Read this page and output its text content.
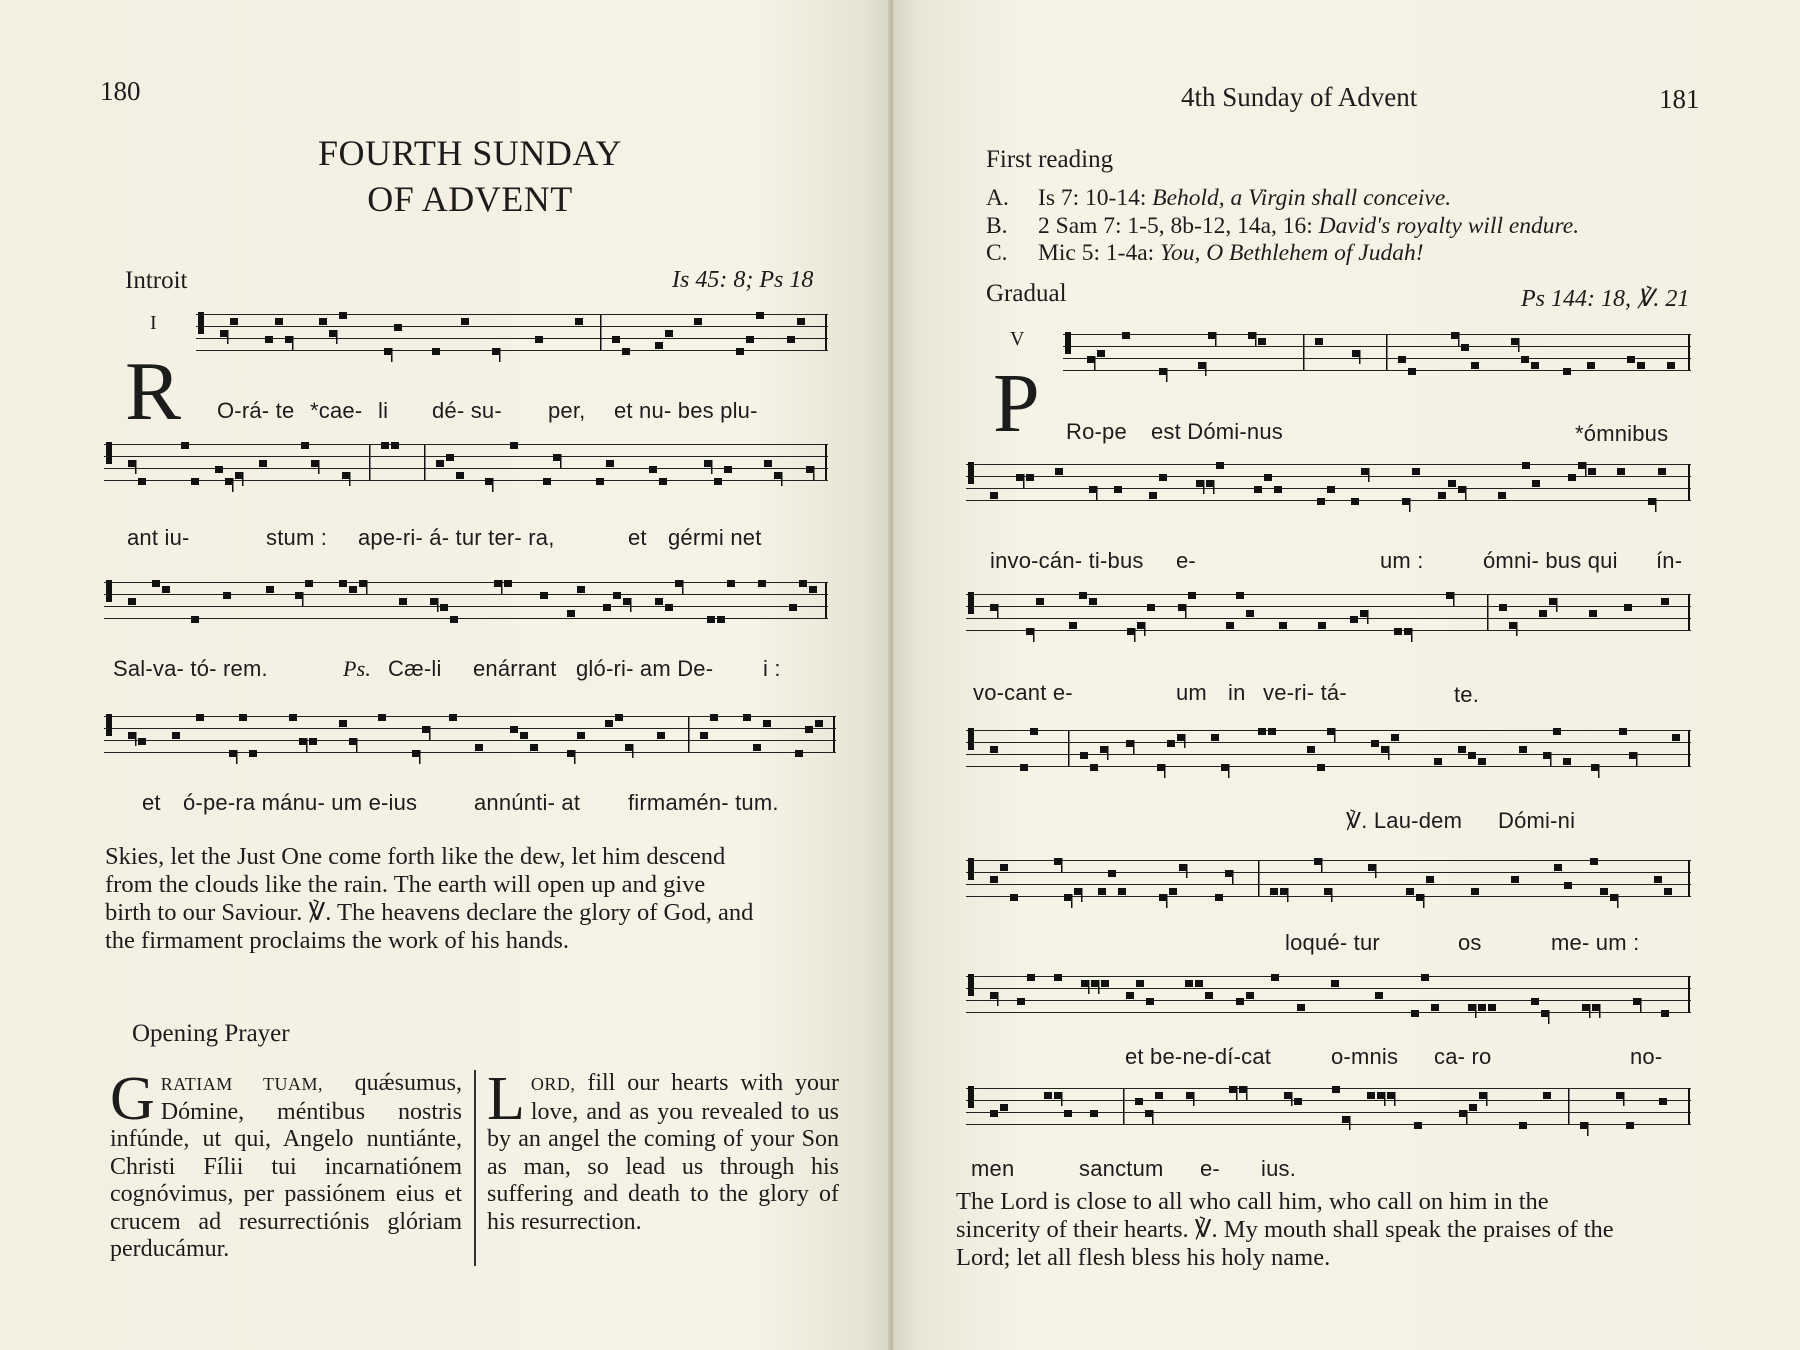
180
FOURTH SUNDAY
OF ADVENT
Introit	Is 45: 8; Ps 18
I
R O-rá- te *cae- li dé- su- per, et nu- bes plu-
ant iu-	stum : ape-ri- á- tur ter- ra,	et gérmi net
Sal-va- tó- rem.	Ps. Cæ-li enárrant gló-ri- am De- i :
et ó-pe-ra mánu- um e-ius	annúnti- at firmamén- tum.
Skies, let the Just One come forth like the dew, let him descend
from the clouds like the rain. The earth will open up and give
birth to our Saviour. ℣. The heavens declare the glory of God, and
the firmament proclaims the work of his hands.
Opening Prayer
GRATIAM TUAM, quǽsumus, Dómine, méntibus nostris infúnde, ut qui, Angelo nuntiánte, Christi Fílii tui incarnatiónem cognóvimus, per passiónem eius et crucem ad resurrectiónis glóriam perducámur.
LORD, fill our hearts with your love, and as you revealed to us by an angel the coming of your Son as man, so lead us through his suffering and death to the glory of his resurrection.
4th Sunday of Advent	181
First reading
A. Is 7: 10-14: Behold, a Virgin shall conceive.
B. 2 Sam 7: 1-5, 8b-12, 14a, 16: David's royalty will endure.
C. Mic 5: 1-4a: You, O Bethlehem of Judah!
Gradual	Ps 144: 18, ℣. 21
V
P Ro-pe est Dómi-nus	*ómnibus
invo-cán- ti-bus e-	um :	ómni- bus qui ín-
vo-cant e-	um in ve-ri- tá-	te.
℣. Lau-dem Dómi-ni
loqué- tur	os	me- um :
et be-ne-dí-cat	o-mnis ca- ro	no-
men	sanctum e- ius.
The Lord is close to all who call him, who call on him in the
sincerity of their hearts. ℣. My mouth shall speak the praises of the
Lord; let all flesh bless his holy name.
